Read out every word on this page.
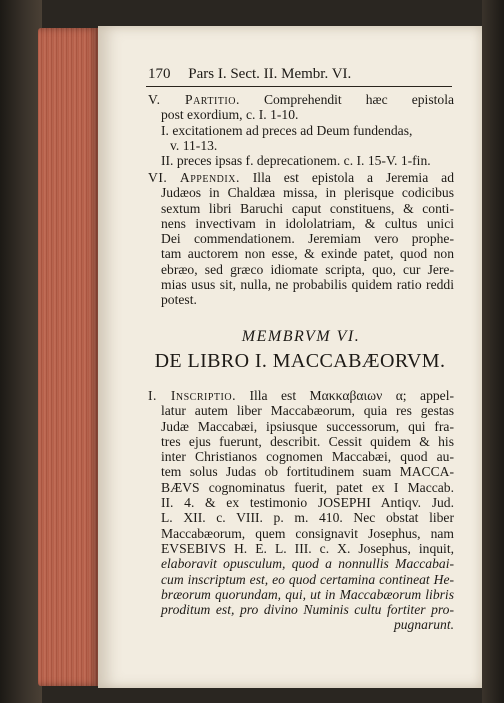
170 Pars I. Sect. II. Membr. VI.
V. Partitio. Comprehendit hæc epistola
post exordium, c. I. 1-10.
I. excitationem ad preces ad Deum fundendas,
v. 11-13.
II. preces ipsas f. deprecationem. c. I. 15-V. 1-fin.
VI. Appendix. Illa est epistola a Jeremia ad
Judæos in Chaldæa missa, in plerisque codicibus
sextum libri Baruchi caput constituens, & conti-
nens invectivam in idololatriam, & cultus unici
Dei commendationem. Jeremiam vero prophe-
tam auctorem non esse, & exinde patet, quod non
ebræo, sed græco idiomate scripta, quo, cur Jere-
mias usus sit, nulla, ne probabilis quidem ratio reddi
potest.
MEMBRVM VI.
DE LIBRO I. MACCABÆORVM.
I. Inscriptio. Illa est Μακκαβαιων α; appel-
latur autem liber Maccabæorum, quia res gestas
Judæ Maccabæi, ipsiusque successorum, qui fra-
tres ejus fuerunt, describit. Cessit quidem & his
inter Christianos cognomen Maccabæi, quod au-
tem solus Judas ob fortitudinem suam MACCA-
BÆVS cognominatus fuerit, patet ex I Maccab.
II. 4. & ex testimonio JOSEPHI Antiqv. Jud.
L. XII. c. VIII. p. m. 410. Nec obstat liber
Maccabæorum, quem consignavit Josephus, nam
EVSEBIVS H. E. L. III. c. X. Josephus, inquit,
elaboravit opusculum, quod a nonnullis Maccabai-
cum inscriptum est, eo quod certamina contineat He-
bræorum quorundam, qui, ut in Maccabæorum libris
proditum est, pro divino Numinis cultu fortiter pro-
pugnarunt.
